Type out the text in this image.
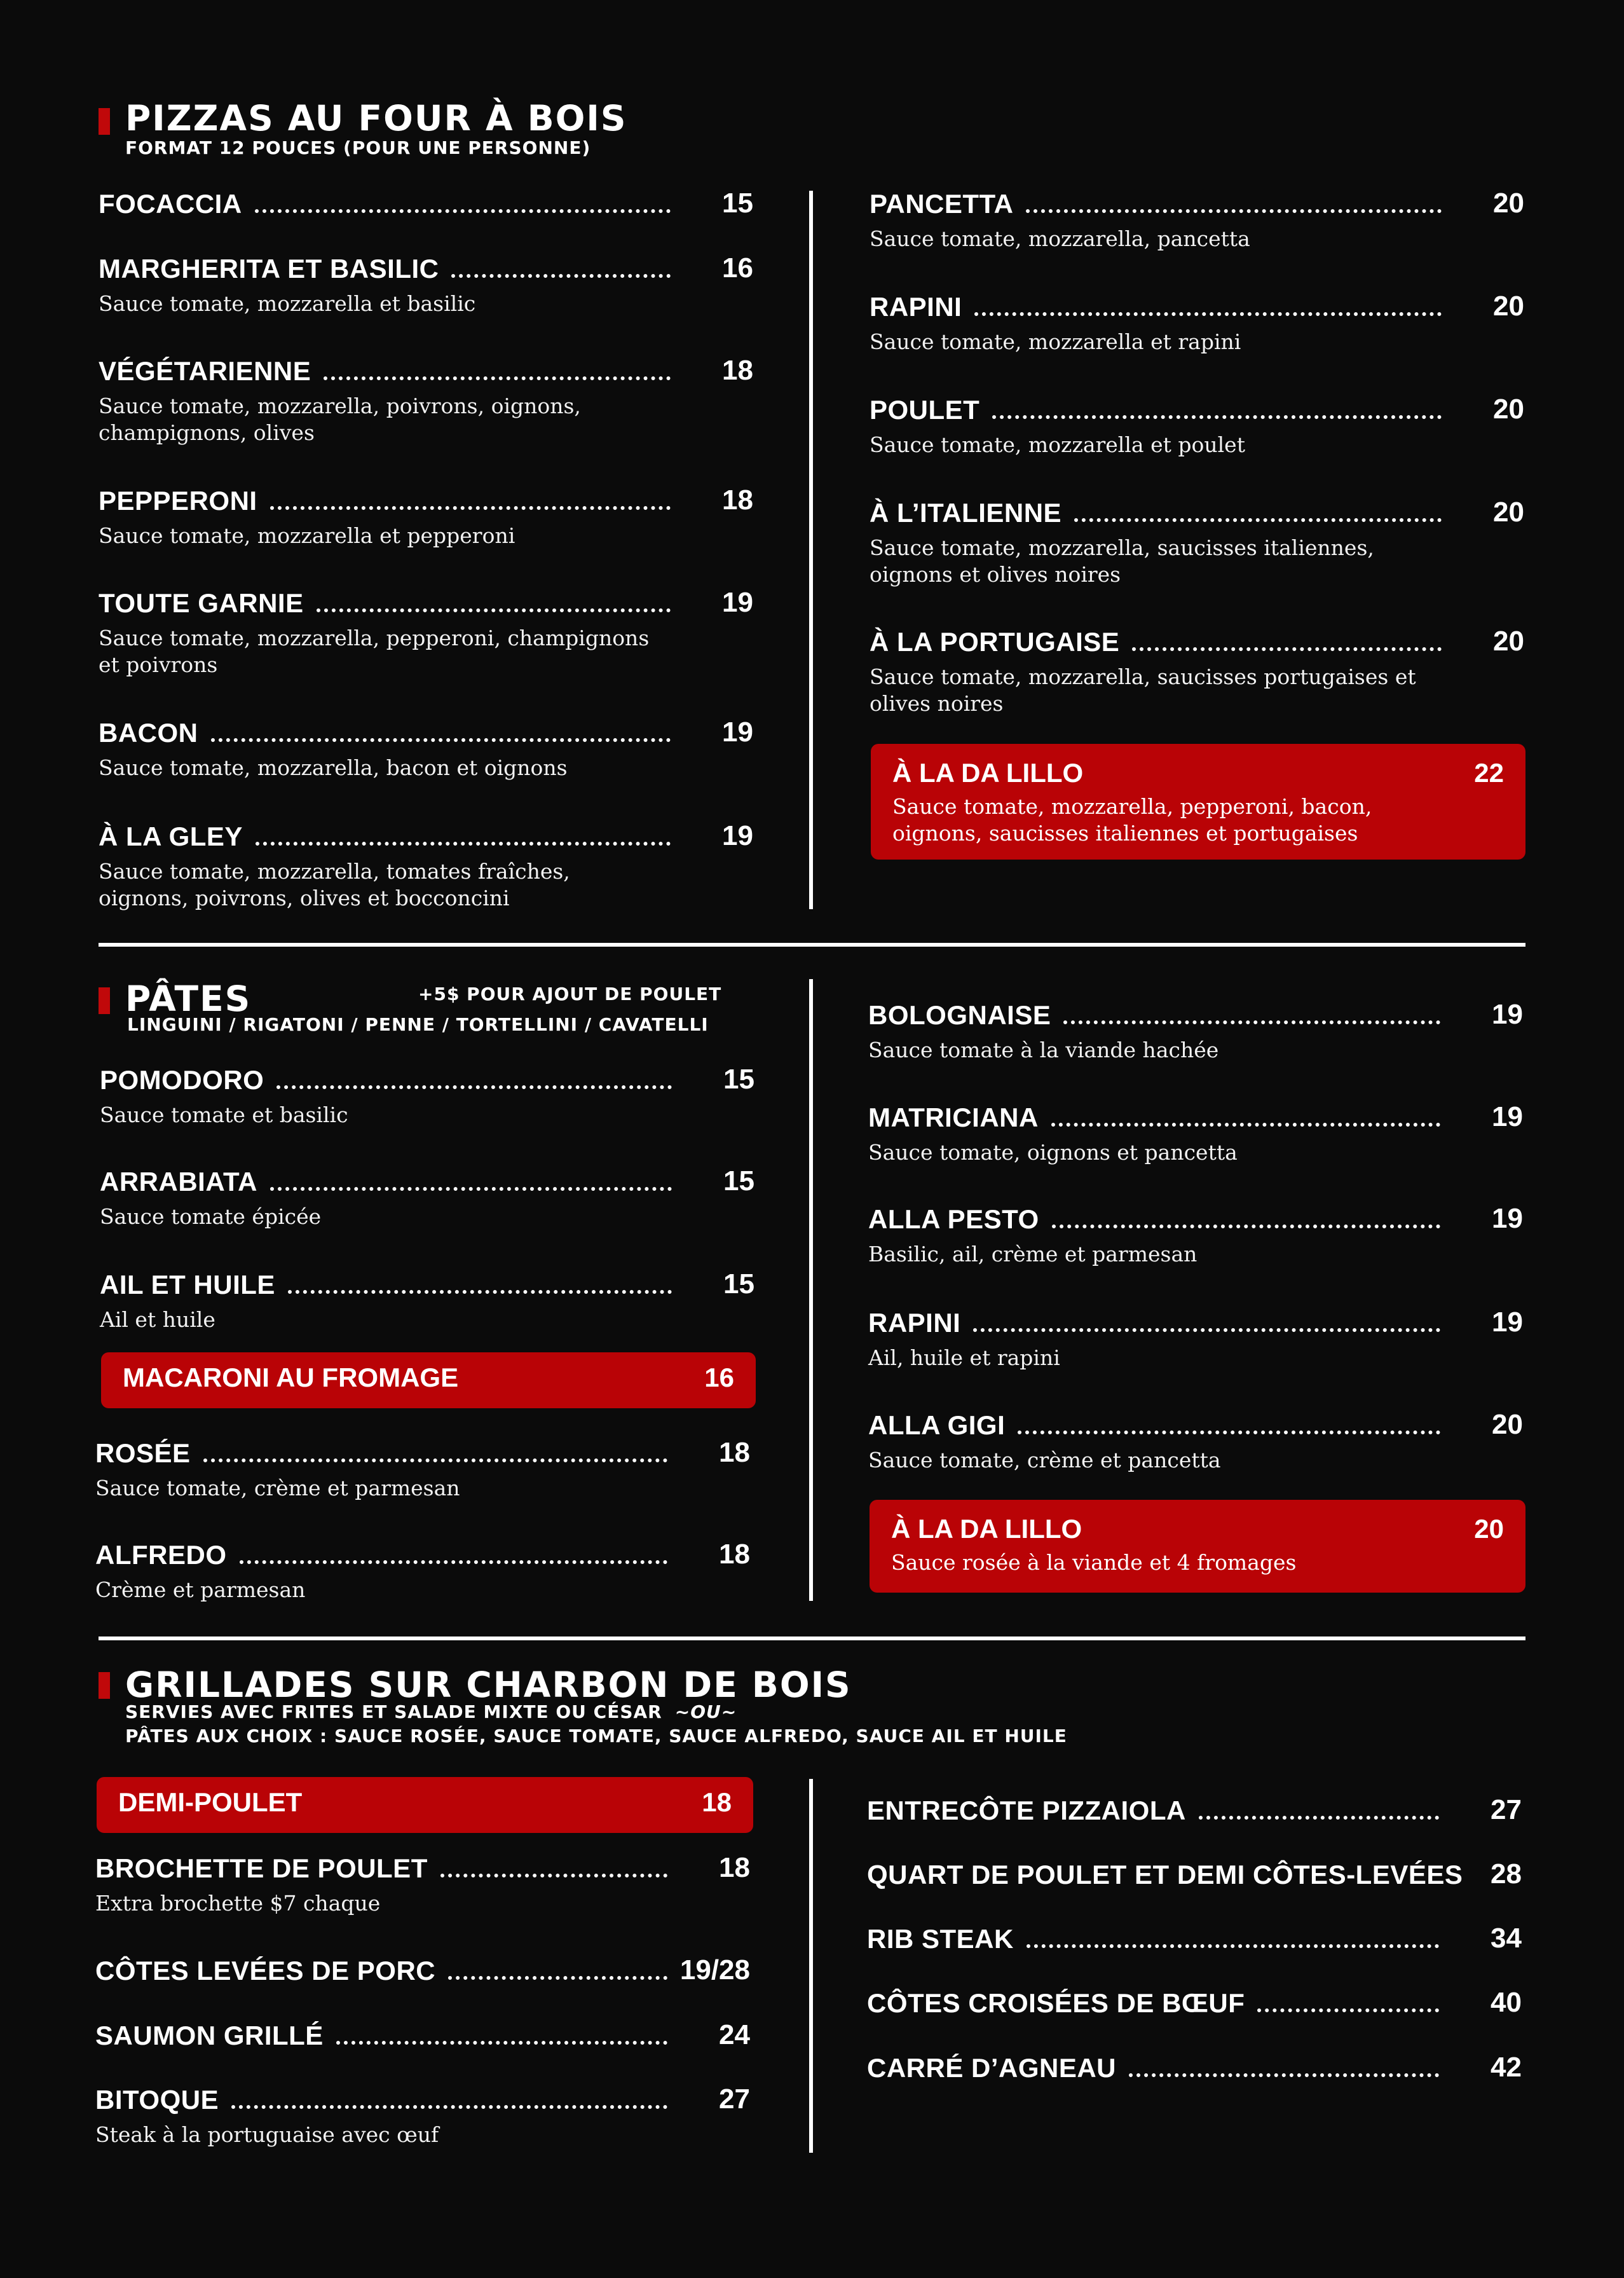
PIZZAS AU FOUR À BOIS
FORMAT 12 POUCES (POUR UNE PERSONNE)
FOCACCIA	15
MARGHERITA ET BASILIC	16
Sauce tomate, mozzarella et basilic
VÉGÉTARIENNE	18
Sauce tomate, mozzarella, poivrons, oignons, champignons, olives
PEPPERONI	18
Sauce tomate, mozzarella et pepperoni
TOUTE GARNIE	19
Sauce tomate, mozzarella, pepperoni, champignons et poivrons
BACON	19
Sauce tomate, mozzarella, bacon et oignons
À LA GLEY	19
Sauce tomate, mozzarella, tomates fraîches, oignons, poivrons, olives et bocconcini
PANCETTA	20
Sauce tomate, mozzarella, pancetta
RAPINI	20
Sauce tomate, mozzarella et rapini
POULET	20
Sauce tomate, mozzarella et poulet
À L’ITALIENNE	20
Sauce tomate, mozzarella, saucisses italiennes, oignons et olives noires
À LA PORTUGAISE	20
Sauce tomate, mozzarella, saucisses portugaises et olives noires
À LA DA LILLO	22
Sauce tomate, mozzarella, pepperoni, bacon, oignons, saucisses italiennes et portugaises
PÂTES	+5$ POUR AJOUT DE POULET
LINGUINI / RIGATONI / PENNE / TORTELLINI / CAVATELLI
POMODORO	15
Sauce tomate et basilic
ARRABIATA	15
Sauce tomate épicée
AIL ET HUILE	15
Ail et huile
MACARONI AU FROMAGE	16
ROSÉE	18
Sauce tomate, crème et parmesan
ALFREDO	18
Crème et parmesan
BOLOGNAISE	19
Sauce tomate à la viande hachée
MATRICIANA	19
Sauce tomate, oignons et pancetta
ALLA PESTO	19
Basilic, ail, crème et parmesan
RAPINI	19
Ail, huile et rapini
ALLA GIGI	20
Sauce tomate, crème et pancetta
À LA DA LILLO	20
Sauce rosée à la viande et 4 fromages
GRILLADES SUR CHARBON DE BOIS
SERVIES AVEC FRITES ET SALADE MIXTE OU CÉSAR ~OU~
PÂTES AUX CHOIX : SAUCE ROSÉE, SAUCE TOMATE, SAUCE ALFREDO, SAUCE AIL ET HUILE
DEMI-POULET	18
BROCHETTE DE POULET	18
Extra brochette $7 chaque
CÔTES LEVÉES DE PORC	19/28
SAUMON GRILLÉ	24
BITOQUE	27
Steak à la portuguaise avec œuf
ENTRECÔTE PIZZAIOLA	27
QUART DE POULET ET DEMI CÔTES-LEVÉES 28
RIB STEAK	34
CÔTES CROISÉES DE BŒUF	40
CARRÉ D’AGNEAU	42
